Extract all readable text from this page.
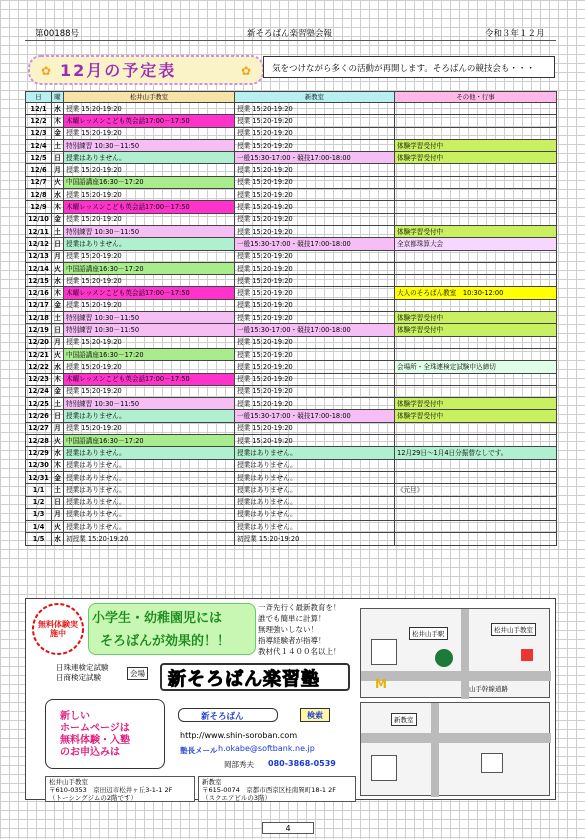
第00188号	新そろばん楽習塾会報	令和３年１２月
✿	✿
12月の予定表	気をつけながら多くの活動が再開します。そろばんの競技会も・・・
日	曜	松井山手教室	新教室	その他・行事
12/1	水	授業 15:20-19:20	授業 15:20-19:20	
12/2	木	木曜レッスンこども英会話17:00－17:50	授業 15:20-19:20	
12/3	金	授業 15:20-19:20	授業 15:20-19:20	
12/4	土	特別練習 10:30－11:50	授業 15:20-19:20	体験学習受付中
12/5	日	授業はありません。	一般15:30-17:00・競技17:00-18:00	体験学習受付中
12/6	月	授業 15:20-19:20	授業 15:20-19:20	
12/7	火	中国語講座16:30－17:20	授業 15:20-19:20	
12/8	水	授業 15:20-19:20	授業 15:20-19:20	
12/9	木	木曜レッスンこども英会話17:00－17:50	授業 15:20-19:20	
12/10	金	授業 15:20-19:20	授業 15:20-19:20	
12/11	土	特別練習 10:30－11:50	授業 15:20-19:20	体験学習受付中
12/12	日	授業はありません。	一般15:30-17:00・競技17:00-18:00	全京都珠算大会
12/13	月	授業 15:20-19:20	授業 15:20-19:20	
12/14	火	中国語講座16:30－17:20	授業 15:20-19:20	
12/15	水	授業 15:20-19:20	授業 15:20-19:20	
12/16	木	木曜レッスンこども英会話17:00－17:50	授業 15:20-19:20	大人のそろばん教室　10:30-12:00
12/17	金	授業 15:20-19:20	授業 15:20-19:20	
12/18	土	特別練習 10:30－11:50	授業 15:20-19:20	体験学習受付中
12/19	日	特別練習 10:30－11:50	一般15:30-17:00・競技17:00-18:00	体験学習受付中
12/20	月	授業 15:20-19:20	授業 15:20-19:20	
12/21	火	中国語講座16:30－17:20	授業 15:20-19:20	
12/22	水	授業 15:20-19:20	授業 15:20-19:20	会場所・全珠連検定試験申込締切
12/23	木	木曜レッスンこども英会話17:00－17:50	授業 15:20-19:20	
12/24	金	授業 15:20-19:20	授業 15:20-19:20	
12/25	土	特別練習 10:30－11:50	授業 15:20-19:20	体験学習受付中
12/26	日	授業はありません。	一般15:30-17:00・競技17:00-18:00	体験学習受付中
12/27	月	授業 15:20-19:20	授業 15:20-19:20	
12/28	火	中国語講座16:30－17:20	授業 15:20-19:20	
12/29	水	授業はありません。	授業はありません。	12月29日～1月4日分振替なしです。
12/30	木	授業はありません。	授業はありません。	
12/31	金	授業はありません。	授業はありません。	
1/1	土	授業はありません。	授業はありません。	《元旦》
1/2	日	授業はありません。	授業はありません。	
1/3	月	授業はありません。	授業はありません。	
1/4	火	授業はありません。	授業はありません。	
1/5	水	初授業 15:20-19:20	初授業 15:20-19:20	
無料体験実施中
小学生・幼稚園児には
そろばんが効果的！！
一斉先行く最新教育を！
誰でも簡単に計算！
無理強いしない！
指導経験者が指導！
教材代１４００名以上！
松井山手駅	松井山手教室
山手幹線道路
M
日珠連検定試験
日商検定試験	会場 新そろばん楽習塾
新しい
ホームページは
無料体験・入塾
のお申込みは
新そろばん	検索
http://www.shin-soroban.com
塾長メール h.okabe@softbank.ne.jp
岡部秀夫 080-3868-0539
新教室
松井山手教室
〒610-0353　京田辺市松井ヶ丘3-1-1 2F
（トーシングジムの2階です）
新教室
〒615-0074　京都市西京区桂南巽町18-1 2F
（スクエアビルの3階）
4
